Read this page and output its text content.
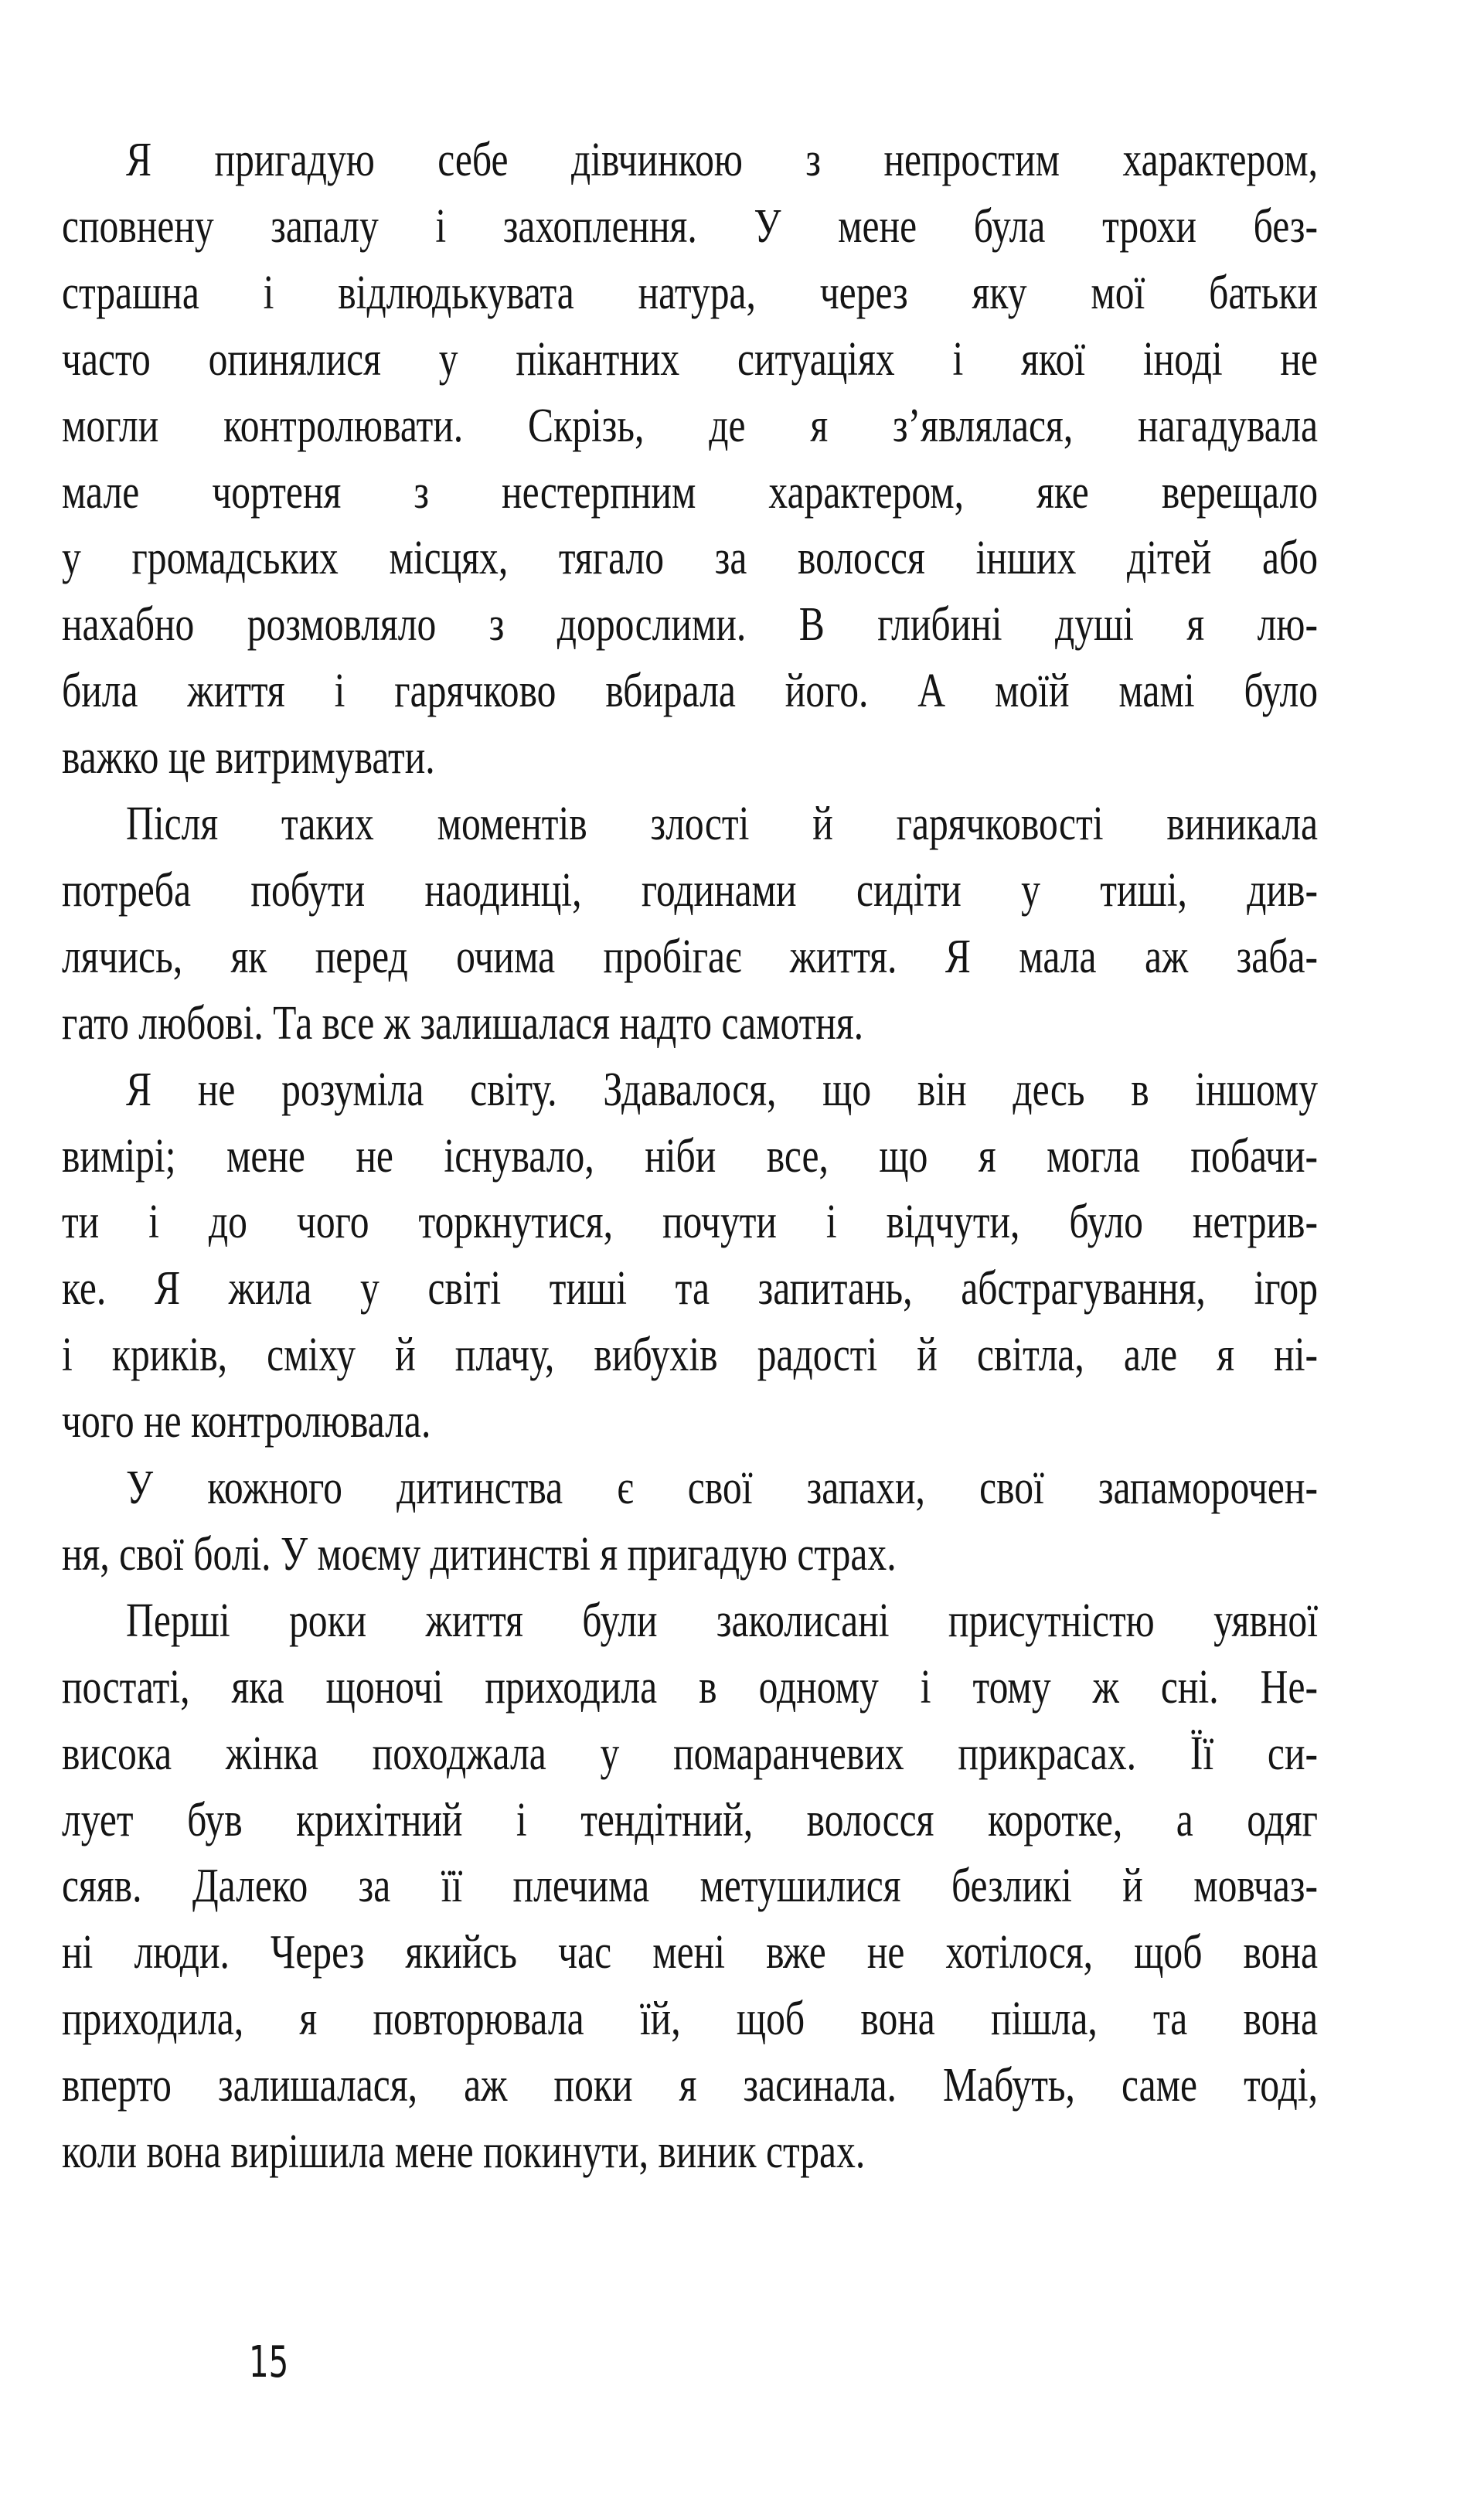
Я пригадую себе дівчинкою з непростим характером,
сповнену запалу і захоплення. У мене була трохи без-
страшна і відлюдькувата натура, через яку мої батьки
часто опинялися у пікантних ситуаціях і якої іноді не
могли контролювати. Скрізь, де я з’являлася, нагадувала
мале чортеня з нестерпним характером, яке верещало
у громадських місцях, тягало за волосся інших дітей або
нахабно розмовляло з дорослими. В глибині душі я лю-
била життя і гарячково вбирала його. А моїй мамі було
важко це витримувати.
Після таких моментів злості й гарячковості виникала
потреба побути наодинці, годинами сидіти у тиші, див-
лячись, як перед очима пробігає життя. Я мала аж заба-
гато любові. Та все ж залишалася надто самотня.
Я не розуміла світу. Здавалося, що він десь в іншому
вимірі; мене не існувало, ніби все, що я могла побачи-
ти і до чого торкнутися, почути і відчути, було нетрив-
ке. Я жила у світі тиші та запитань, абстрагування, ігор
і криків, сміху й плачу, вибухів радості й світла, але я ні-
чого не контролювала.
У кожного дитинства є свої запахи, свої запаморочен-
ня, свої болі. У моєму дитинстві я пригадую страх.
Перші роки життя були заколисані присутністю уявної
постаті, яка щоночі приходила в одному і тому ж сні. Не-
висока жінка походжала у помаранчевих прикрасах. Її си-
лует був крихітний і тендітний, волосся коротке, а одяг
сяяв. Далеко за її плечима метушилися безликі й мовчаз-
ні люди. Через якийсь час мені вже не хотілося, щоб вона
приходила, я повторювала їй, щоб вона пішла, та вона
вперто залишалася, аж поки я засинала. Мабуть, саме тоді,
коли вона вирішила мене покинути, виник страх.
15
